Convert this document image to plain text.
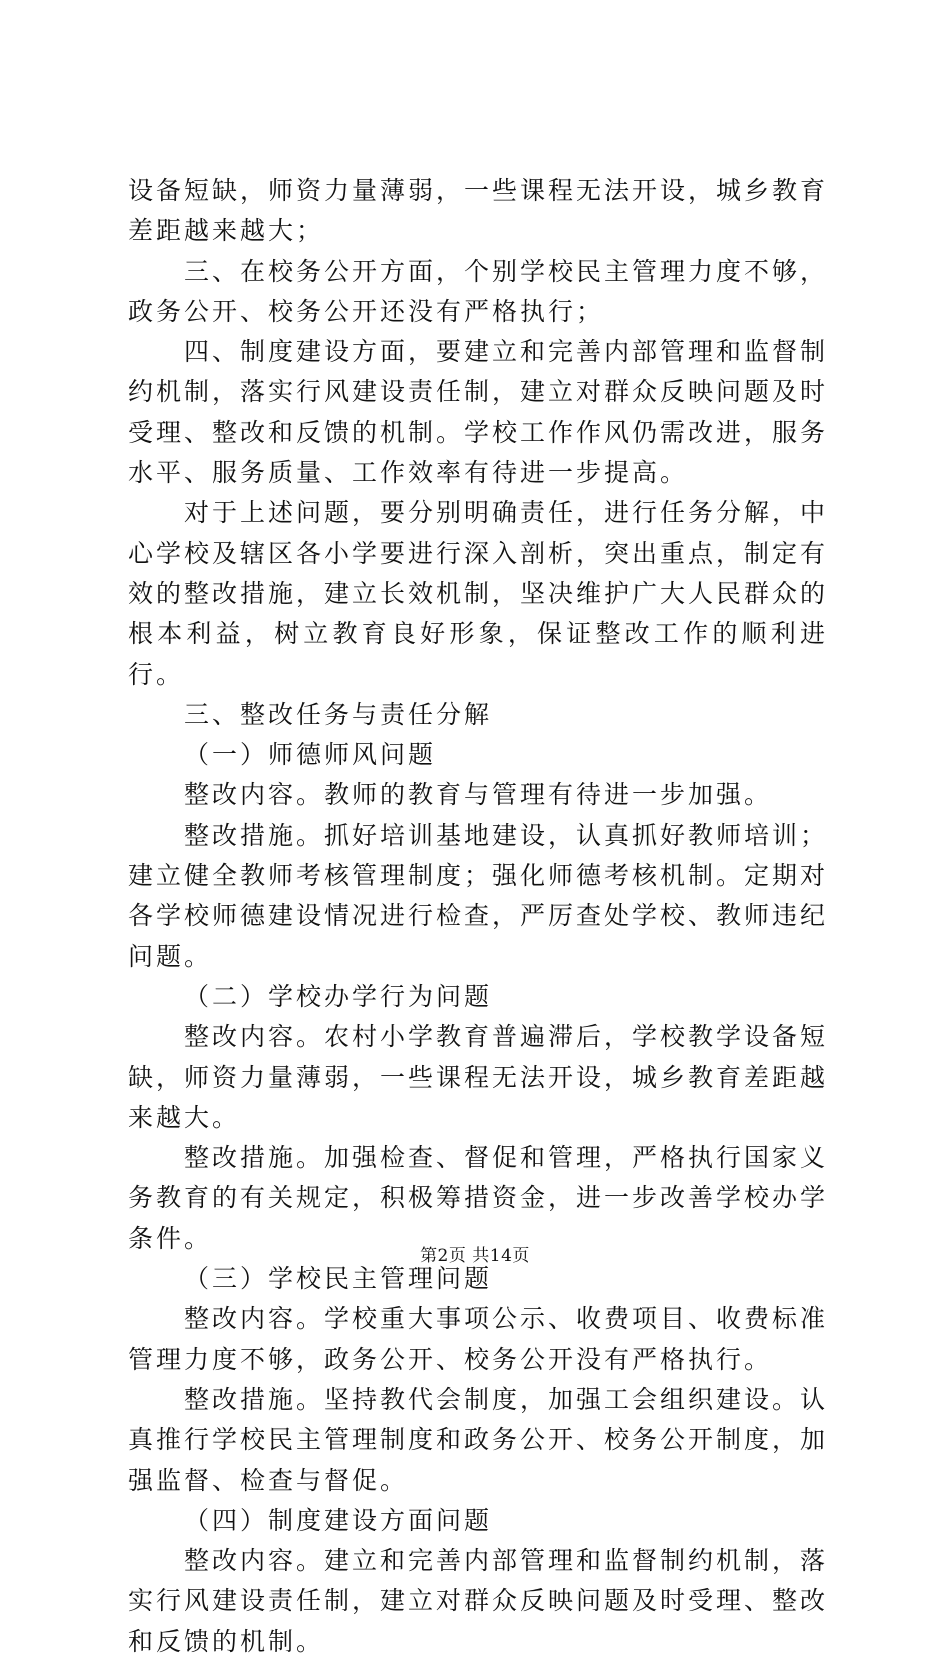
设备短缺，师资力量薄弱，一些课程无法开设，城乡教育差距越来越大；

三、在校务公开方面，个别学校民主管理力度不够，政务公开、校务公开还没有严格执行；

四、制度建设方面，要建立和完善内部管理和监督制约机制，落实行风建设责任制，建立对群众反映问题及时受理、整改和反馈的机制。学校工作作风仍需改进，服务水平、服务质量、工作效率有待进一步提高。

对于上述问题，要分别明确责任，进行任务分解，中心学校及辖区各小学要进行深入剖析，突出重点，制定有效的整改措施，建立长效机制，坚决维护广大人民群众的根本利益，树立教育良好形象，保证整改工作的顺利进行。

三、整改任务与责任分解

（一）师德师风问题

整改内容。教师的教育与管理有待进一步加强。

整改措施。抓好培训基地建设，认真抓好教师培训；建立健全教师考核管理制度；强化师德考核机制。定期对各学校师德建设情况进行检查，严厉查处学校、教师违纪问题。

（二）学校办学行为问题

整改内容。农村小学教育普遍滞后，学校教学设备短缺，师资力量薄弱，一些课程无法开设，城乡教育差距越来越大。

整改措施。加强检查、督促和管理，严格执行国家义务教育的有关规定，积极筹措资金，进一步改善学校办学条件。

（三）学校民主管理问题

整改内容。学校重大事项公示、收费项目、收费标准管理力度不够，政务公开、校务公开没有严格执行。

整改措施。坚持教代会制度，加强工会组织建设。认真推行学校民主管理制度和政务公开、校务公开制度，加强监督、检查与督促。

（四）制度建设方面问题

整改内容。建立和完善内部管理和监督制约机制，落实行风建设责任制，建立对群众反映问题及时受理、整改和反馈的机制。

第2页 共14页
